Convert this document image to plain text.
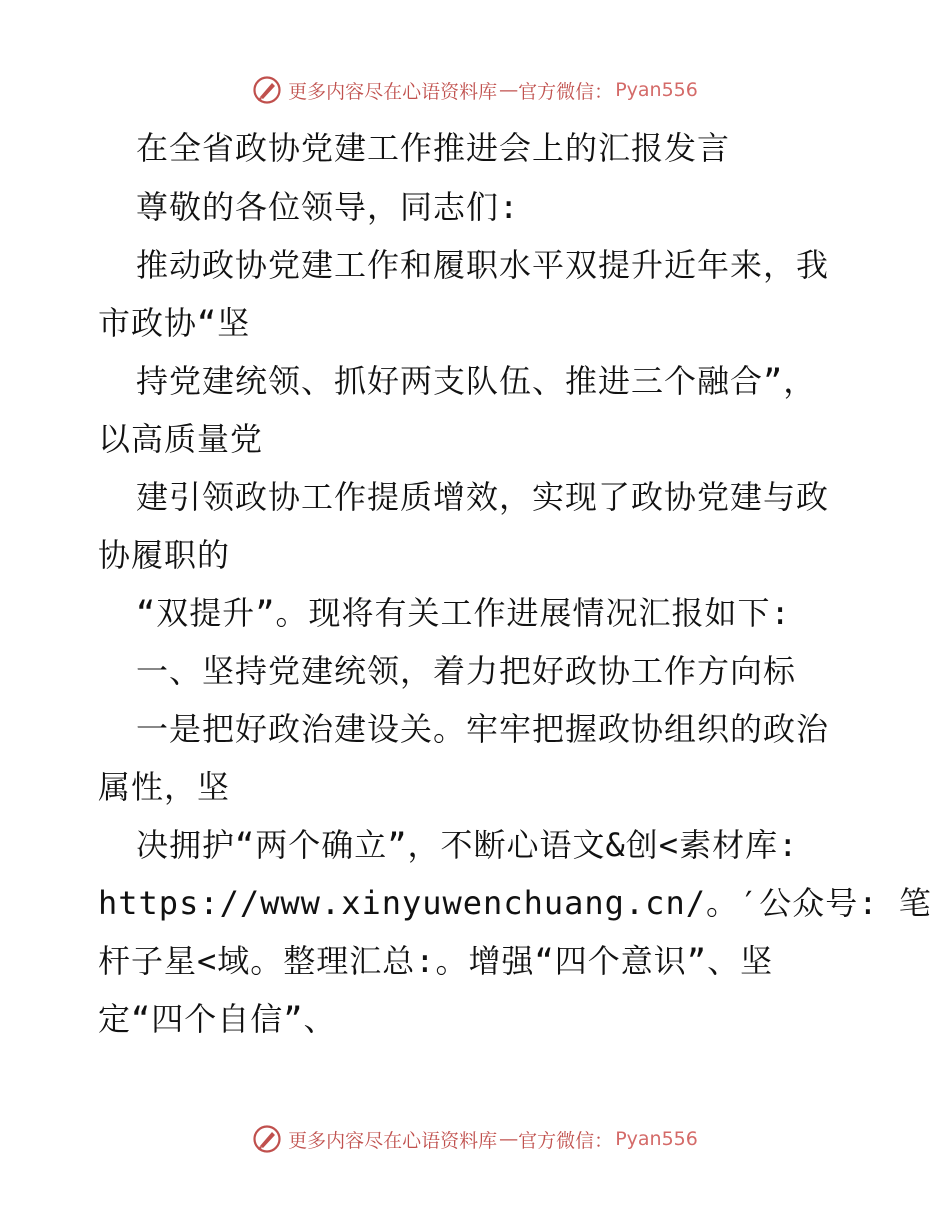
更多内容尽在心语资料库 — 官方微信： Pyan556
在全省政协党建工作推进会上的汇报发言
尊敬的各位领导，同志们:
推动政协党建工作和履职水平双提升近年来，我
市政协“坚
持党建统领、抓好两支队伍、推进三个融合”，
以高质量党
建引领政协工作提质增效，实现了政协党建与政
协履职的
“双提升”。现将有关工作进展情况汇报如下:
一、坚持党建统领，着力把好政协工作方向标
一是把好政治建设关。牢牢把握政协组织的政治
属性，坚
决拥护“两个确立”，不断心语文&创<素材库:
https://www.xinyuwenchuang.cn/。′公众号: 笔
杆子星<域。整理汇总:。增强“四个意识”、坚
定“四个自信”、
更多内容尽在心语资料库 — 官方微信： Pyan556
